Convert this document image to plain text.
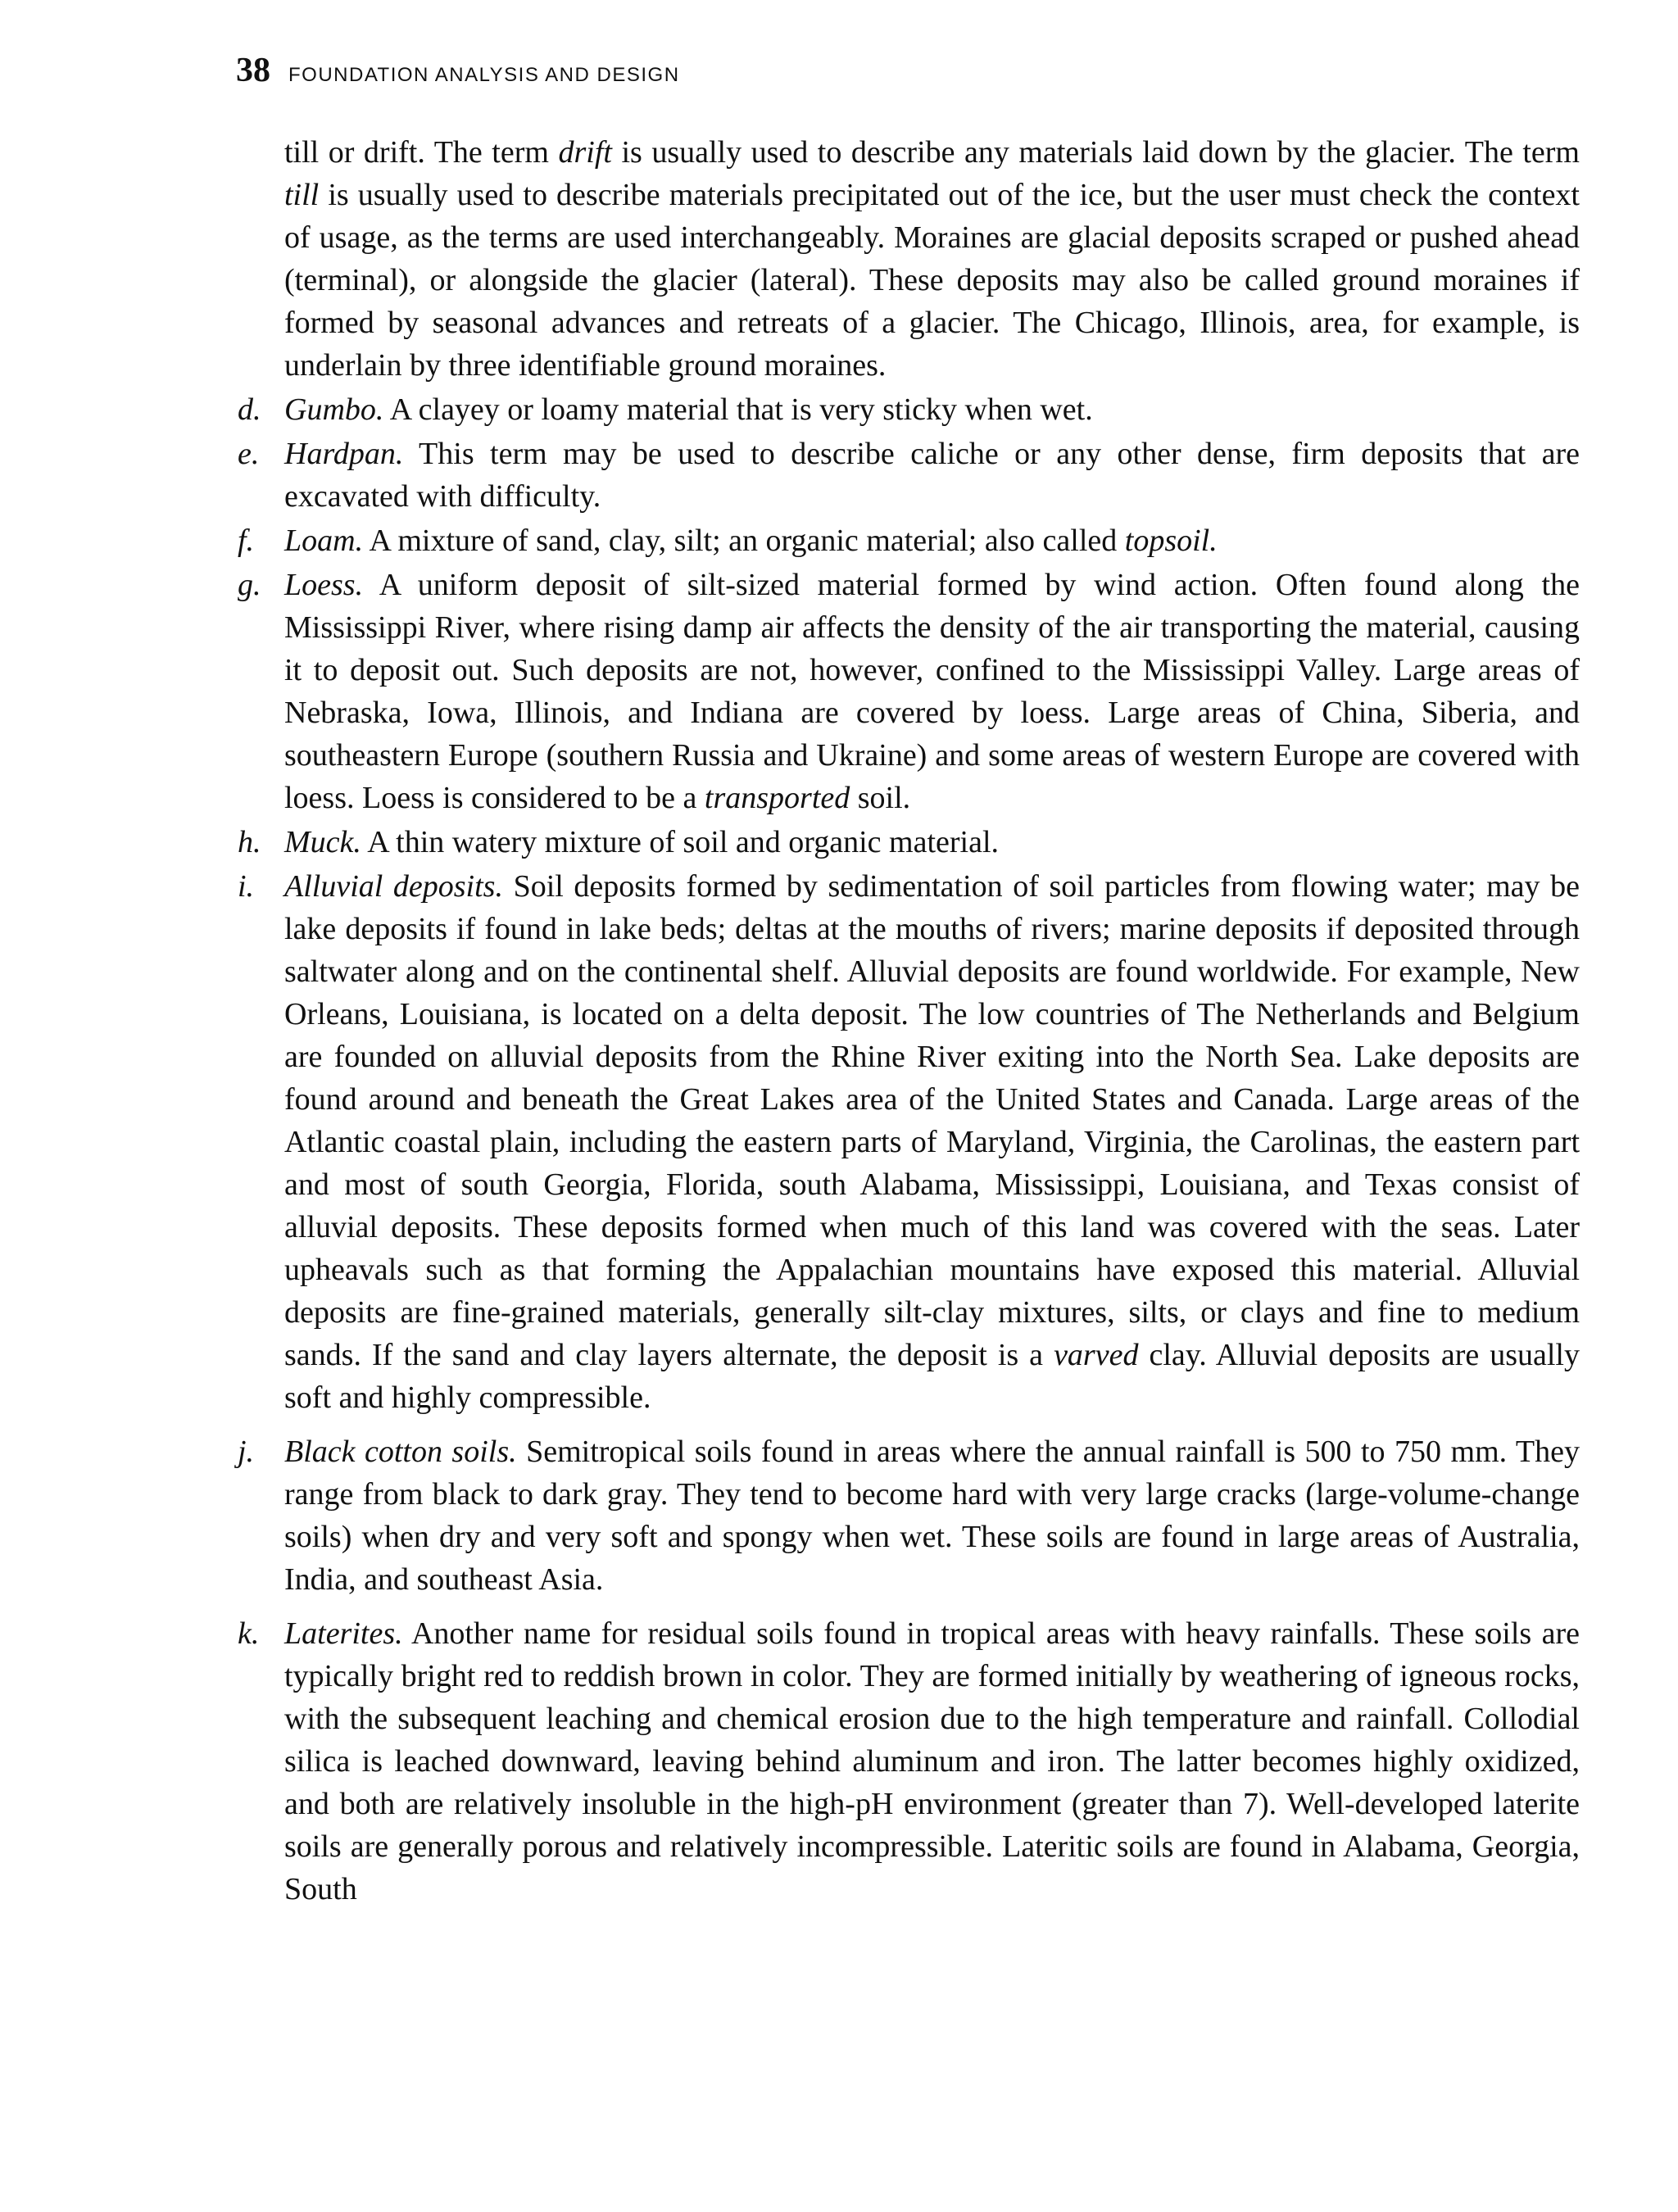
38 FOUNDATION ANALYSIS AND DESIGN

till or drift. The term drift is usually used to describe any materials laid down by the glacier. The term till is usually used to describe materials precipitated out of the ice, but the user must check the context of usage, as the terms are used interchangeably. Moraines are glacial deposits scraped or pushed ahead (terminal), or alongside the glacier (lateral). These deposits may also be called ground moraines if formed by seasonal advances and retreats of a glacier. The Chicago, Illinois, area, for example, is underlain by three identifiable ground moraines.

d. Gumbo. A clayey or loamy material that is very sticky when wet.

e. Hardpan. This term may be used to describe caliche or any other dense, firm deposits that are excavated with difficulty.

f. Loam. A mixture of sand, clay, silt; an organic material; also called topsoil.

g. Loess. A uniform deposit of silt-sized material formed by wind action. Often found along the Mississippi River, where rising damp air affects the density of the air transporting the material, causing it to deposit out. Such deposits are not, however, confined to the Mississippi Valley. Large areas of Nebraska, Iowa, Illinois, and Indiana are covered by loess. Large areas of China, Siberia, and southeastern Europe (southern Russia and Ukraine) and some areas of western Europe are covered with loess. Loess is considered to be a transported soil.

h. Muck. A thin watery mixture of soil and organic material.

i. Alluvial deposits. Soil deposits formed by sedimentation of soil particles from flowing water; may be lake deposits if found in lake beds; deltas at the mouths of rivers; marine deposits if deposited through saltwater along and on the continental shelf. Alluvial deposits are found worldwide. For example, New Orleans, Louisiana, is located on a delta deposit. The low countries of The Netherlands and Belgium are founded on alluvial deposits from the Rhine River exiting into the North Sea. Lake deposits are found around and beneath the Great Lakes area of the United States and Canada. Large areas of the Atlantic coastal plain, including the eastern parts of Maryland, Virginia, the Carolinas, the eastern part and most of south Georgia, Florida, south Alabama, Mississippi, Louisiana, and Texas consist of alluvial deposits. These deposits formed when much of this land was covered with the seas. Later upheavals such as that forming the Appalachian mountains have exposed this material. Alluvial deposits are fine-grained materials, generally silt-clay mixtures, silts, or clays and fine to medium sands. If the sand and clay layers alternate, the deposit is a varved clay. Alluvial deposits are usually soft and highly compressible.

j. Black cotton soils. Semitropical soils found in areas where the annual rainfall is 500 to 750 mm. They range from black to dark gray. They tend to become hard with very large cracks (large-volume-change soils) when dry and very soft and spongy when wet. These soils are found in large areas of Australia, India, and southeast Asia.

k. Laterites. Another name for residual soils found in tropical areas with heavy rainfalls. These soils are typically bright red to reddish brown in color. They are formed initially by weathering of igneous rocks, with the subsequent leaching and chemical erosion due to the high temperature and rainfall. Collodial silica is leached downward, leaving behind aluminum and iron. The latter becomes highly oxidized, and both are relatively insoluble in the high-pH environment (greater than 7). Well-developed laterite soils are generally porous and relatively incompressible. Lateritic soils are found in Alabama, Georgia, South
